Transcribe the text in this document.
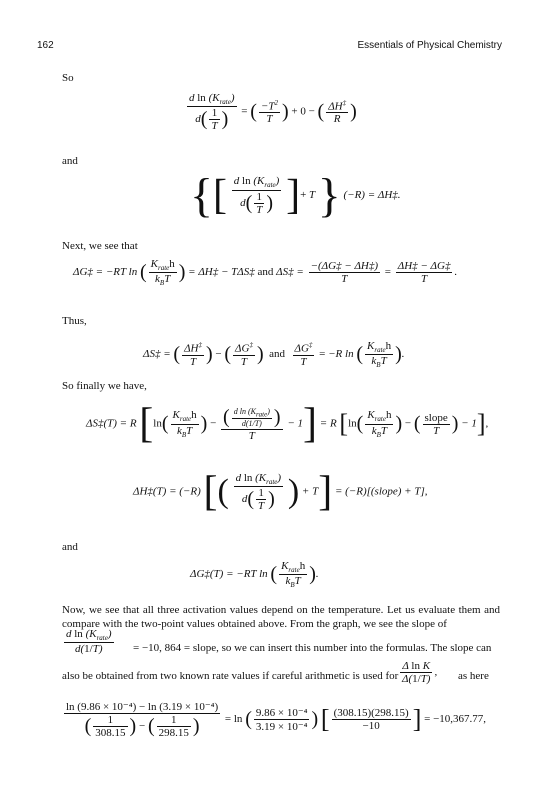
162	Essentials of Physical Chemistry
So
$\frac{d \ln (K_{rate})}{d( \frac{1}{T} )}$ = ( $\frac{-T^2}{T}$ ) + 0 − ( $\frac{\Delta H^\ddagger}{R}$ )
and
{[ $\frac{d \ln (K_{rate})}{d( \frac{1}{T} )}$ ]+ T } (−R) = ΔH‡.
Next, we see that
ΔG‡ = −RT ln ( $\frac{K_{rate}h}{k_BT}$ ) = ΔH‡ − TΔS‡ and ΔS‡ = $\frac{-(\Delta G\ddagger - \Delta H\ddagger)}{T} = \frac{\Delta H\ddagger - \Delta G\ddagger}{T}$ .
Thus,
ΔS‡ = ( $\frac{\Delta H^\ddagger}{T}$ ) − ( $\frac{\Delta G^\ddagger}{T}$ ) and $\frac{\Delta G^\ddagger}{T} = -R$ ln ( $\frac{K_{rate}h}{k_BT}$ ).
So finally we have,
ΔS‡(T) = R [$\ln( \frac{K_{rate}h}{k_BT}$ ) − $\frac{( \frac{d \ln (K_{rate})}{d(1/T)} )}{T} - 1] = R$ [$\ln( \frac{K_{rate}h}{k_BT}$ ) − ( $\frac{\text{slope}}{T}$ ) − 1],
ΔH‡(T) = (−R) [( $\frac{d \ln (K_{rate})}{d( \frac{1}{T} )}$ ) + T] = (−R)[(slope) + T],
and
ΔG‡(T) = −RT ln ( $\frac{K_{rate}h}{k_BT}$ ).
Now, we see that all three activation values depend on the temperature. Let us evaluate them and compare with the two-point values obtained above. From the graph, we see the slope of
$\frac{d \ln (K_{rate})}{d(1/T)} = -10$, 864 = slope, so we can insert this number into the formulas. The slope can
also be obtained from two known rate values if careful arithmetic is used for $\frac{\text{Δ ln K}}{\Delta(1/T)}$ , as here
$\frac{\text{ln (9.86 × 10⁻⁴) − ln (3.19 × 10⁻⁴)}}{( \frac{1}{308.15} ) - ( \frac{1}{298.15} )} = \ln$ ( $\frac{\text{9.86 × 10⁻⁴}}{\text{3.19 × 10⁻⁴}}$ ) [ $\frac{(308.15)(298.15)}{-10}$ ] = −10,367.77,
